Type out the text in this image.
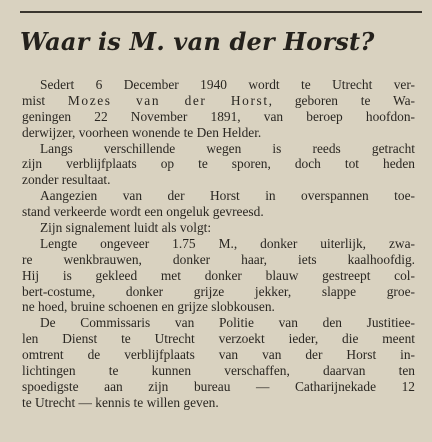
Waar is M. van der Horst?
Sedert 6 December 1940 wordt te Utrecht ver-
mist Mozes van der Horst, geboren te Wa-
geningen 22 November 1891, van beroep hoofdon-
derwijzer, voorheen wonende te Den Helder.
Langs verschillende wegen is reeds getracht
zijn verblijfplaats op te sporen, doch tot heden
zonder resultaat.
Aangezien van der Horst in overspannen toe-
stand verkeerde wordt een ongeluk gevreesd.
Zijn signalement luidt als volgt:
Lengte ongeveer 1.75 M., donker uiterlijk, zwa-
re wenkbrauwen, donker haar, iets kaalhoofdig.
Hij is gekleed met donker blauw gestreept col-
bert-costume, donker grijze jekker, slappe groe-
ne hoed, bruine schoenen en grijze slobkousen.
De Commissaris van Politie van den Justitiee-
len Dienst te Utrecht verzoekt ieder, die meent
omtrent de verblijfplaats van van der Horst in-
lichtingen te kunnen verschaffen, daarvan ten
spoedigste aan zijn bureau — Catharijnekade 12
te Utrecht — kennis te willen geven.
